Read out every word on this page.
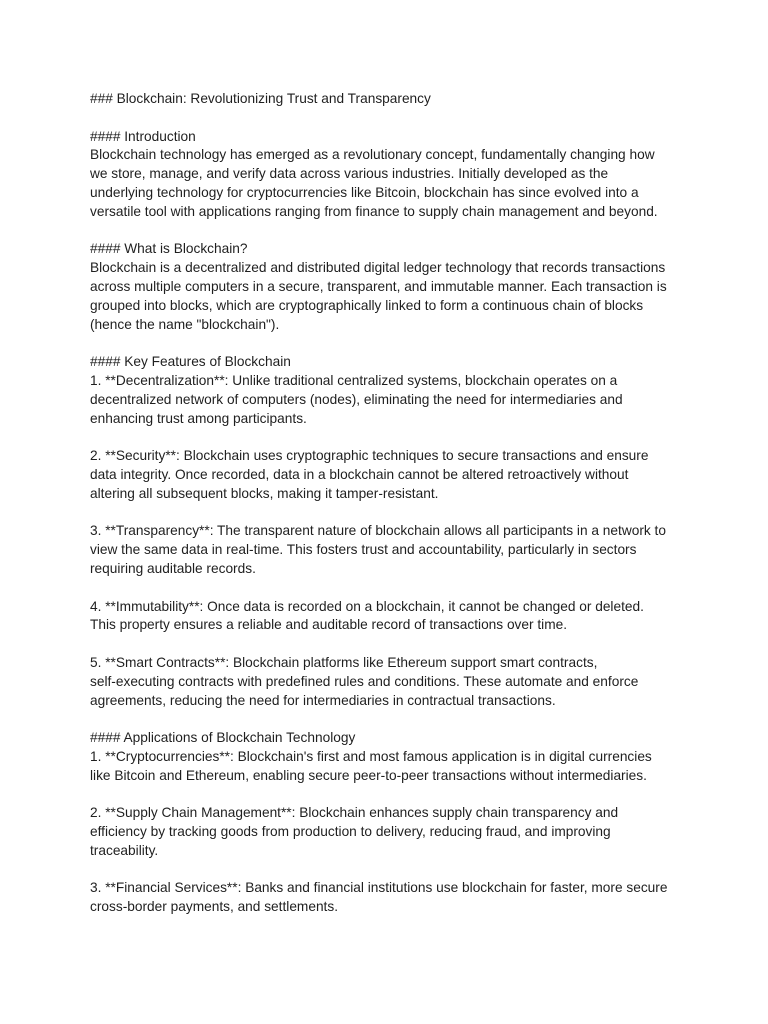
### Blockchain: Revolutionizing Trust and Transparency

#### Introduction

Blockchain technology has emerged as a revolutionary concept, fundamentally changing how
we store, manage, and verify data across various industries. Initially developed as the
underlying technology for cryptocurrencies like Bitcoin, blockchain has since evolved into a
versatile tool with applications ranging from finance to supply chain management and beyond.

#### What is Blockchain?

Blockchain is a decentralized and distributed digital ledger technology that records transactions
across multiple computers in a secure, transparent, and immutable manner. Each transaction is
grouped into blocks, which are cryptographically linked to form a continuous chain of blocks
(hence the name "blockchain").

#### Key Features of Blockchain

1. **Decentralization**: Unlike traditional centralized systems, blockchain operates on a
decentralized network of computers (nodes), eliminating the need for intermediaries and
enhancing trust among participants.

2. **Security**: Blockchain uses cryptographic techniques to secure transactions and ensure
data integrity. Once recorded, data in a blockchain cannot be altered retroactively without
altering all subsequent blocks, making it tamper-resistant.

3. **Transparency**: The transparent nature of blockchain allows all participants in a network to
view the same data in real-time. This fosters trust and accountability, particularly in sectors
requiring auditable records.

4. **Immutability**: Once data is recorded on a blockchain, it cannot be changed or deleted.
This property ensures a reliable and auditable record of transactions over time.

5. **Smart Contracts**: Blockchain platforms like Ethereum support smart contracts,
self-executing contracts with predefined rules and conditions. These automate and enforce
agreements, reducing the need for intermediaries in contractual transactions.

#### Applications of Blockchain Technology

1. **Cryptocurrencies**: Blockchain's first and most famous application is in digital currencies
like Bitcoin and Ethereum, enabling secure peer-to-peer transactions without intermediaries.

2. **Supply Chain Management**: Blockchain enhances supply chain transparency and
efficiency by tracking goods from production to delivery, reducing fraud, and improving
traceability.

3. **Financial Services**: Banks and financial institutions use blockchain for faster, more secure
cross-border payments, and settlements.
